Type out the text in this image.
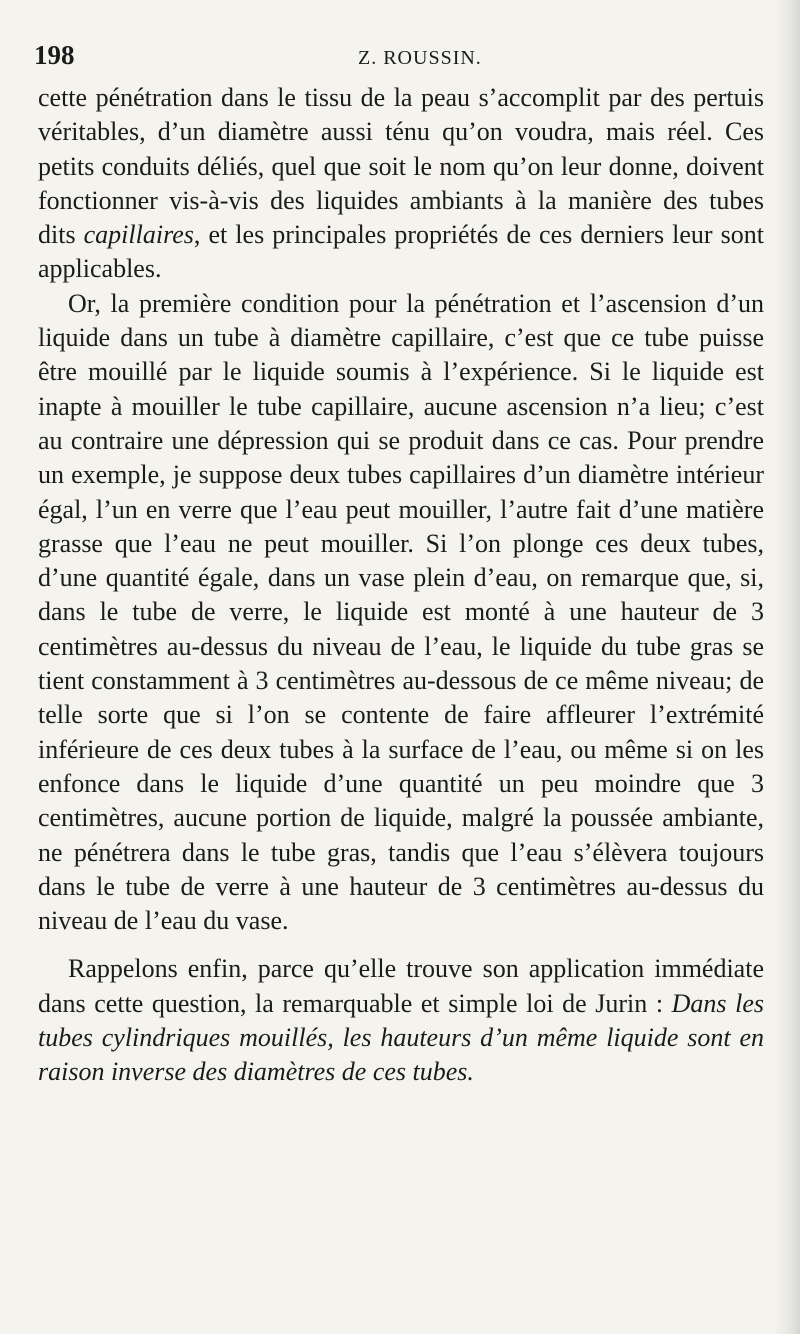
198	Z. ROUSSIN.

cette pénétration dans le tissu de la peau s’accomplit par des pertuis véritables, d’un diamètre aussi ténu qu’on voudra, mais réel. Ces petits conduits déliés, quel que soit le nom qu’on leur donne, doivent fonctionner vis-à-vis des liquides ambiants à la manière des tubes dits capillaires, et les principales propriétés de ces derniers leur sont applicables.

Or, la première condition pour la pénétration et l’ascension d’un liquide dans un tube à diamètre capillaire, c’est que ce tube puisse être mouillé par le liquide soumis à l’expérience. Si le liquide est inapte à mouiller le tube capillaire, aucune ascension n’a lieu; c’est au contraire une dépression qui se produit dans ce cas. Pour prendre un exemple, je suppose deux tubes capillaires d’un diamètre intérieur égal, l’un en verre que l’eau peut mouiller, l’autre fait d’une matière grasse que l’eau ne peut mouiller. Si l’on plonge ces deux tubes, d’une quantité égale, dans un vase plein d’eau, on remarque que, si, dans le tube de verre, le liquide est monté à une hauteur de 3 centimètres au-dessus du niveau de l’eau, le liquide du tube gras se tient constamment à 3 centimètres au-dessous de ce même niveau; de telle sorte que si l’on se contente de faire affleurer l’extrémité inférieure de ces deux tubes à la surface de l’eau, ou même si on les enfonce dans le liquide d’une quantité un peu moindre que 3 centimètres, aucune portion de liquide, malgré la poussée ambiante, ne pénétrera dans le tube gras, tandis que l’eau s’élèvera toujours dans le tube de verre à une hauteur de 3 centimètres au-dessus du niveau de l’eau du vase.

Rappelons enfin, parce qu’elle trouve son application immédiate dans cette question, la remarquable et simple loi de Jurin : Dans les tubes cylindriques mouillés, les hauteurs d’un même liquide sont en raison inverse des diamètres de ces tubes.
